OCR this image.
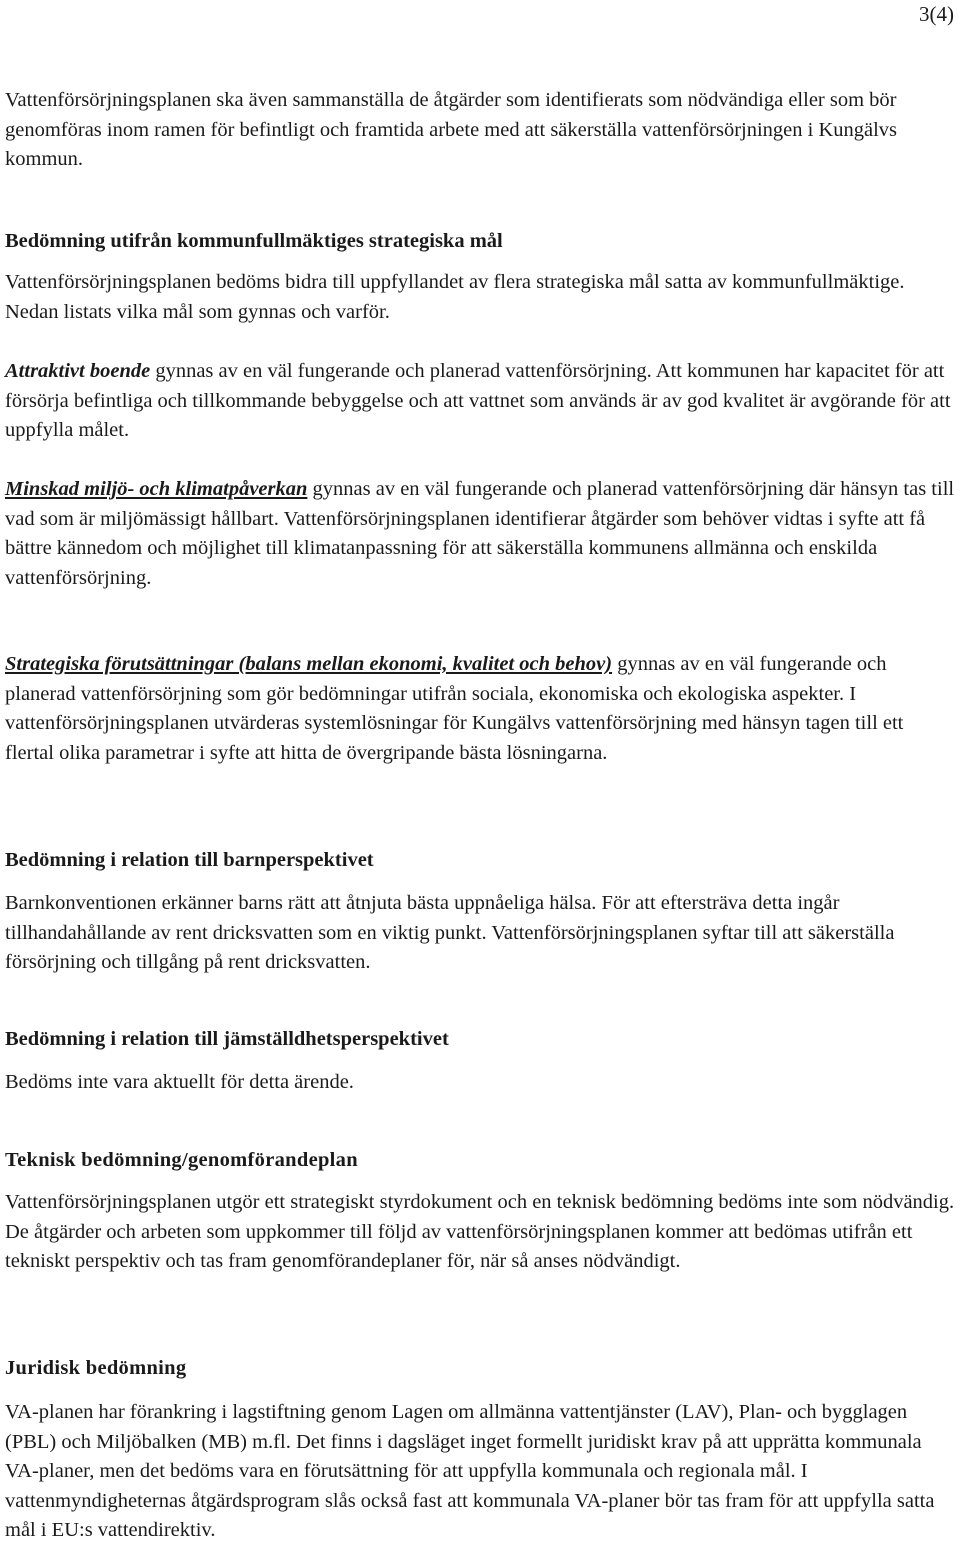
3(4)

Vattenförsörjningsplanen ska även sammanställa de åtgärder som identifierats som nödvändiga eller som bör genomföras inom ramen för befintligt och framtida arbete med att säkerställa vattenförsörjningen i Kungälvs kommun.

Bedömning utifrån kommunfullmäktiges strategiska mål

Vattenförsörjningsplanen bedöms bidra till uppfyllandet av flera strategiska mål satta av kommunfullmäktige. Nedan listats vilka mål som gynnas och varför.

Attraktivt boende gynnas av en väl fungerande och planerad vattenförsörjning. Att kommunen har kapacitet för att försörja befintliga och tillkommande bebyggelse och att vattnet som används är av god kvalitet är avgörande för att uppfylla målet.

Minskad miljö- och klimatpåverkan gynnas av en väl fungerande och planerad vattenförsörjning där hänsyn tas till vad som är miljömässigt hållbart. Vattenförsörjningsplanen identifierar åtgärder som behöver vidtas i syfte att få bättre kännedom och möjlighet till klimatanpassning för att säkerställa kommunens allmänna och enskilda vattenförsörjning.

Strategiska förutsättningar (balans mellan ekonomi, kvalitet och behov) gynnas av en väl fungerande och planerad vattenförsörjning som gör bedömningar utifrån sociala, ekonomiska och ekologiska aspekter. I vattenförsörjningsplanen utvärderas systemlösningar för Kungälvs vattenförsörjning med hänsyn tagen till ett flertal olika parametrar i syfte att hitta de övergripande bästa lösningarna.

Bedömning i relation till barnperspektivet

Barnkonventionen erkänner barns rätt att åtnjuta bästa uppnåeliga hälsa. För att eftersträva detta ingår tillhandahållande av rent dricksvatten som en viktig punkt. Vattenförsörjningsplanen syftar till att säkerställa försörjning och tillgång på rent dricksvatten.

Bedömning i relation till jämställdhetsperspektivet

Bedöms inte vara aktuellt för detta ärende.

Teknisk bedömning/genomförandeplan

Vattenförsörjningsplanen utgör ett strategiskt styrdokument och en teknisk bedömning bedöms inte som nödvändig. De åtgärder och arbeten som uppkommer till följd av vattenförsörjningsplanen kommer att bedömas utifrån ett tekniskt perspektiv och tas fram genomförandeplaner för, när så anses nödvändigt.

Juridisk bedömning

VA-planen har förankring i lagstiftning genom Lagen om allmänna vattentjänster (LAV), Plan- och bygglagen (PBL) och Miljöbalken (MB) m.fl. Det finns i dagsläget inget formellt juridiskt krav på att upprätta kommunala VA-planer, men det bedöms vara en förutsättning för att uppfylla kommunala och regionala mål. I vattenmyndigheternas åtgärdsprogram slås också fast att kommunala VA-planer bör tas fram för att uppfylla satta mål i EU:s vattendirektiv.
